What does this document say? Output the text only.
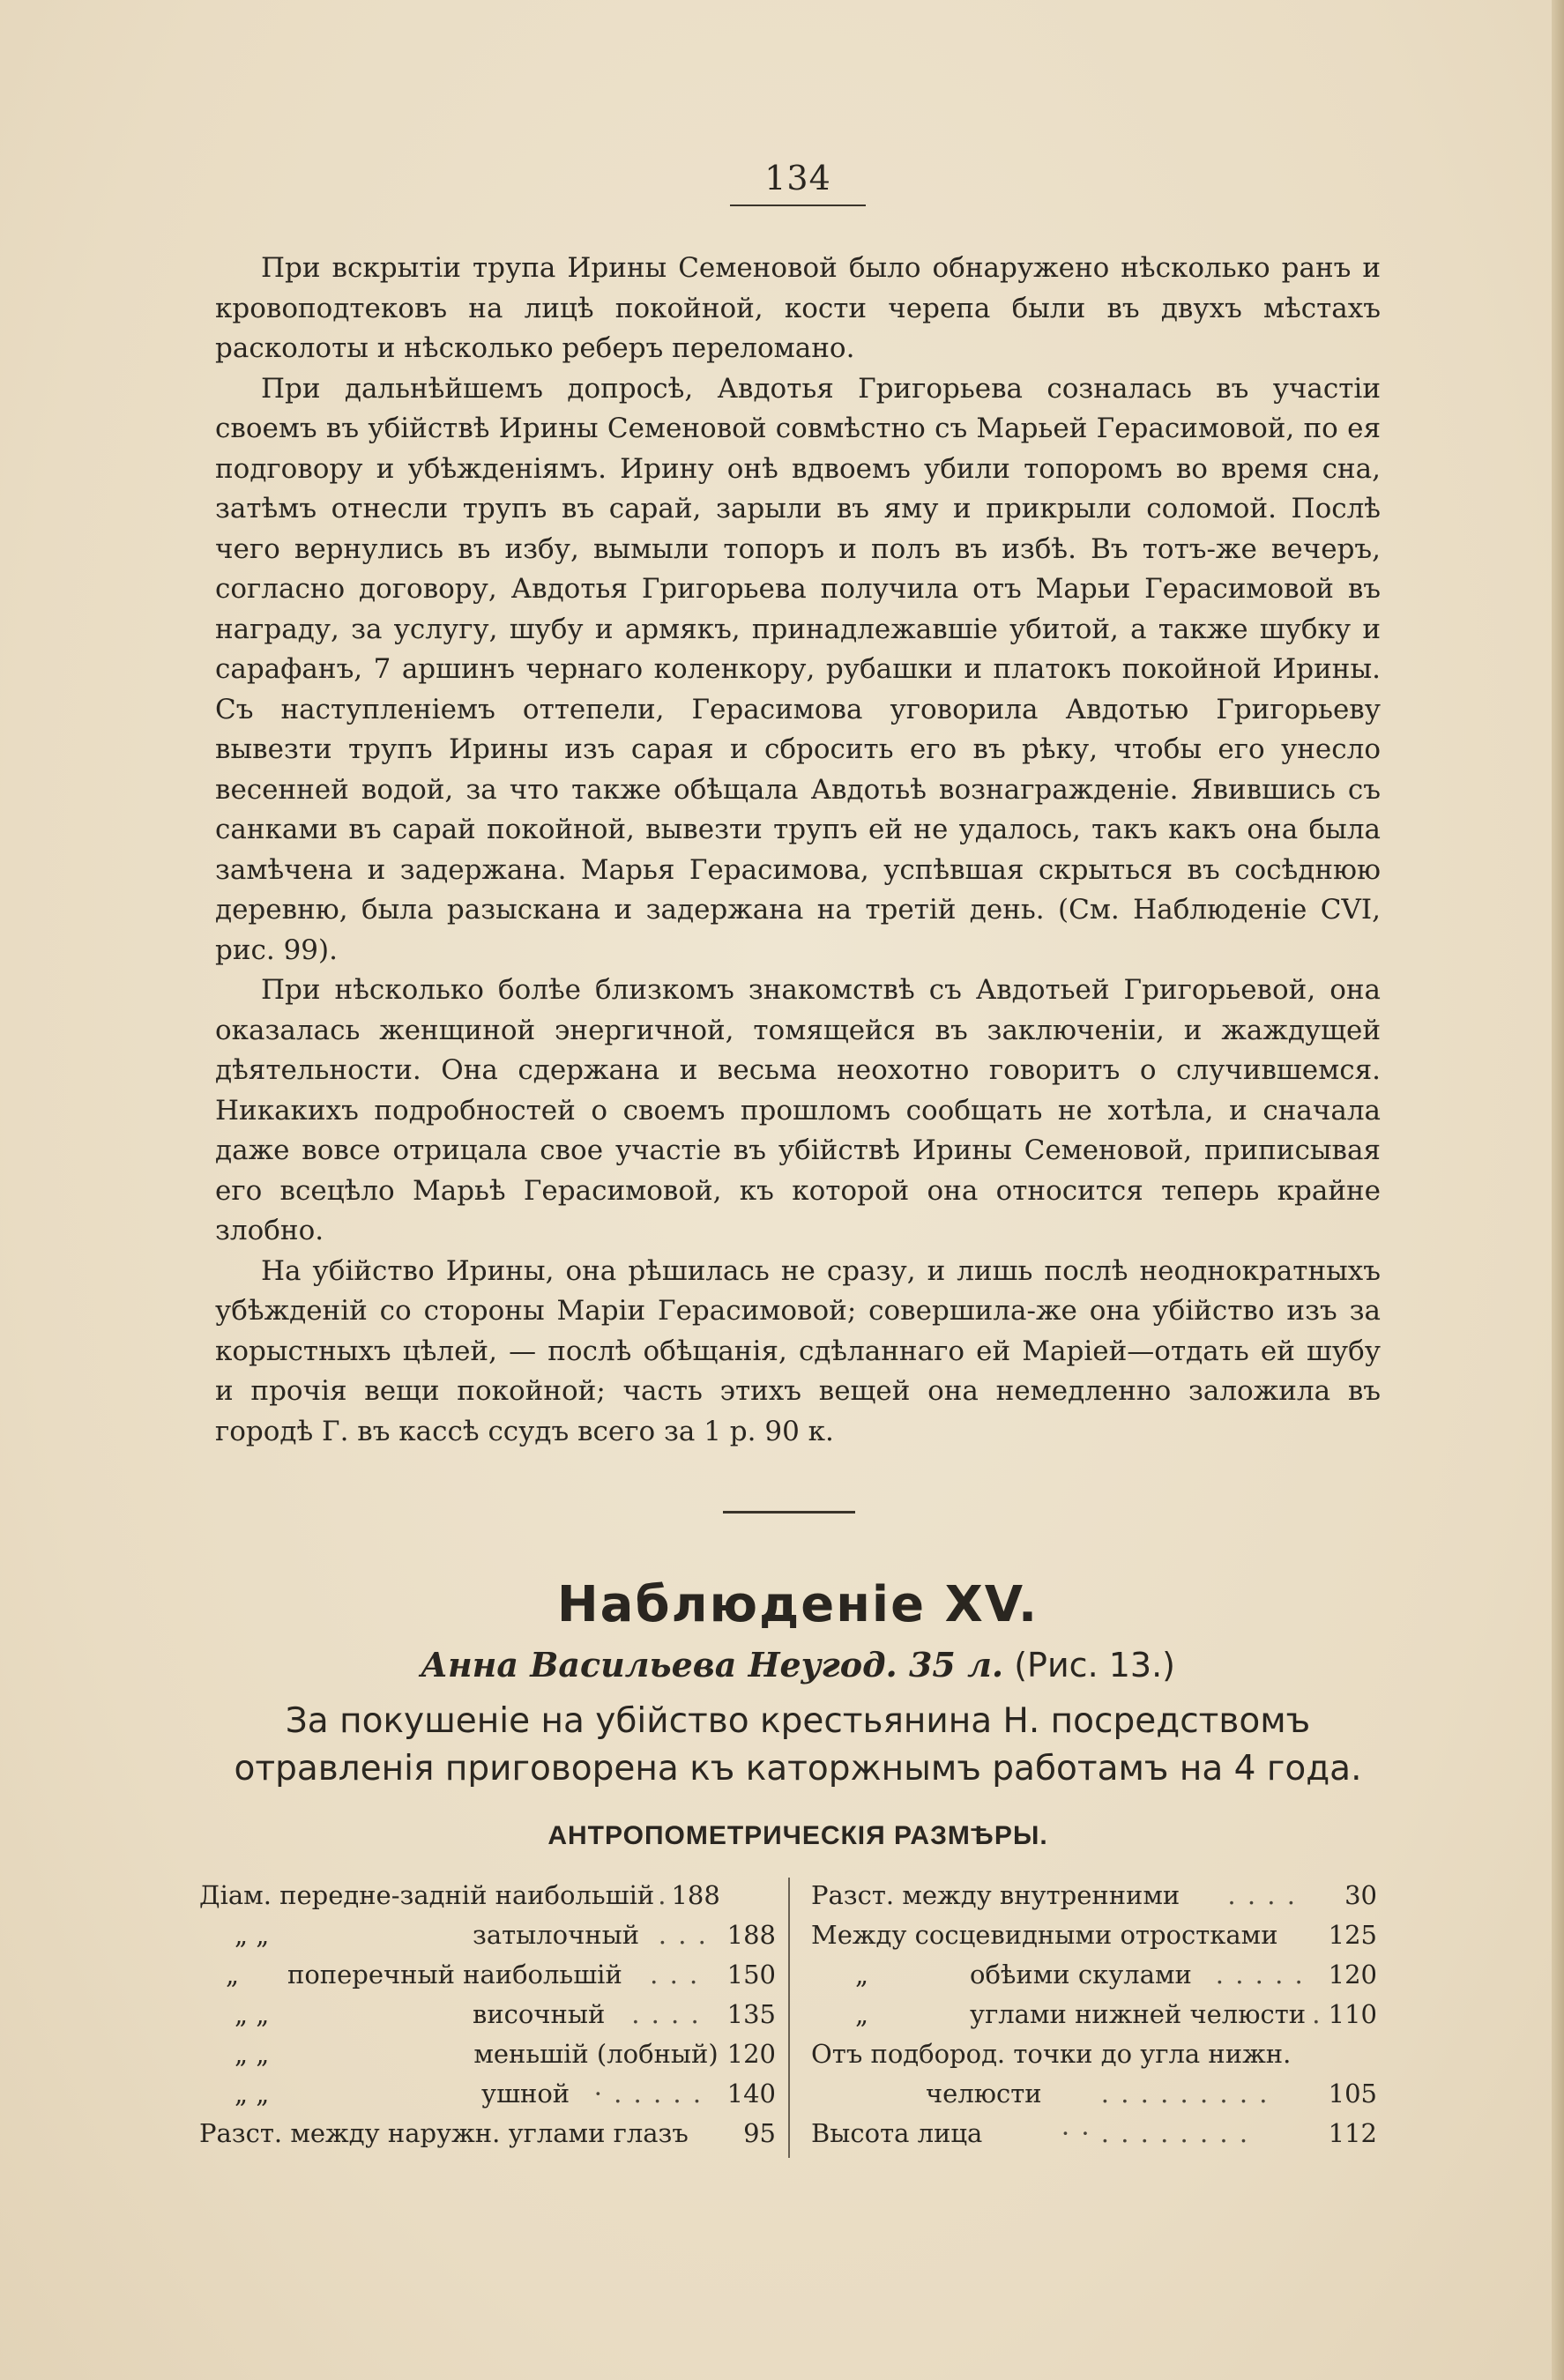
134

При вскрытіи трупа Ирины Семеновой было обнаружено нѣсколько ранъ и кровоподтековъ на лицѣ покойной, кости черепа были въ двухъ мѣстахъ расколоты и нѣсколько реберъ переломано.

При дальнѣйшемъ допросѣ, Авдотья Григорьева созналась въ участіи своемъ въ убійствѣ Ирины Семеновой совмѣстно съ Марьей Герасимовой, по ея подговору и убѣжденіямъ. Ирину онѣ вдвоемъ убили топоромъ во время сна, затѣмъ отнесли трупъ въ сарай, зарыли въ яму и прикрыли соломой. Послѣ чего вернулись въ избу, вымыли топоръ и полъ въ избѣ. Въ тотъ-же вечеръ, согласно договору, Авдотья Григорьева получила отъ Марьи Герасимовой въ награду, за услугу, шубу и армякъ, принадлежавшіе убитой, а также шубку и сарафанъ, 7 аршинъ чернаго коленкору, рубашки и платокъ покойной Ирины. Съ наступленіемъ оттепели, Герасимова уговорила Авдотью Григорьеву вывезти трупъ Ирины изъ сарая и сбросить его въ рѣку, чтобы его унесло весенней водой, за что также обѣщала Авдотьѣ вознагражденіе. Явившись съ санками въ сарай покойной, вывезти трупъ ей не удалось, такъ какъ она была замѣчена и задержана. Марья Герасимова, успѣвшая скрыться въ сосѣднюю деревню, была разыскана и задержана на третій день. (См. Наблюденіе CVI, рис. 99).

При нѣсколько болѣе близкомъ знакомствѣ съ Авдотьей Григорьевой, она оказалась женщиной энергичной, томящейся въ заключеніи, и жаждущей дѣятельности. Она сдержана и весьма неохотно говоритъ о случившемся. Никакихъ подробностей о своемъ прошломъ сообщать не хотѣла, и сначала даже вовсе отрицала свое участіе въ убійствѣ Ирины Семеновой, приписывая его всецѣло Марьѣ Герасимовой, къ которой она относится теперь крайне злобно.

На убійство Ирины, она рѣшилась не сразу, и лишь послѣ неоднократныхъ убѣжденій со стороны Маріи Герасимовой; совершила-же она убійство изъ за корыстныхъ цѣлей, — послѣ обѣщанія, сдѣланнаго ей Маріей—отдать ей шубу и прочія вещи покойной; часть этихъ вещей она немедленно заложила въ городѣ Г. въ кассѣ ссудъ всего за 1 р. 90 к.

Наблюденіе XV.
Анна Васильева Неугод. 35 л. (Рис. 13.)
За покушеніе на убійство крестьянина Н. посредствомъ отравленія приговорена къ каторжнымъ работамъ на 4 года.
АНТРОПОМЕТРИЧЕСКІЯ РАЗМѢРЫ.
Діам. передне-задній наибольшій . 188
„ „	затылочный . . . 188
„	поперечный наибольшій	. . .	150
„ „	височный	. . . .	135
„ „	меньшій (лобный) 120
„ „	ушной · . . . . . 140
Разст. между наружн. углами глазъ	95
Разст. между внутренними	. . . .	30
Между сосцевидными отростками	125
„	обѣими скулами . . . . . 120
„	углами нижней челюсти . 110
Отъ подбород. точки до угла нижн.
челюсти	. . . . . . . . .	105
Высота лица	· · . . . . . . . .	112
